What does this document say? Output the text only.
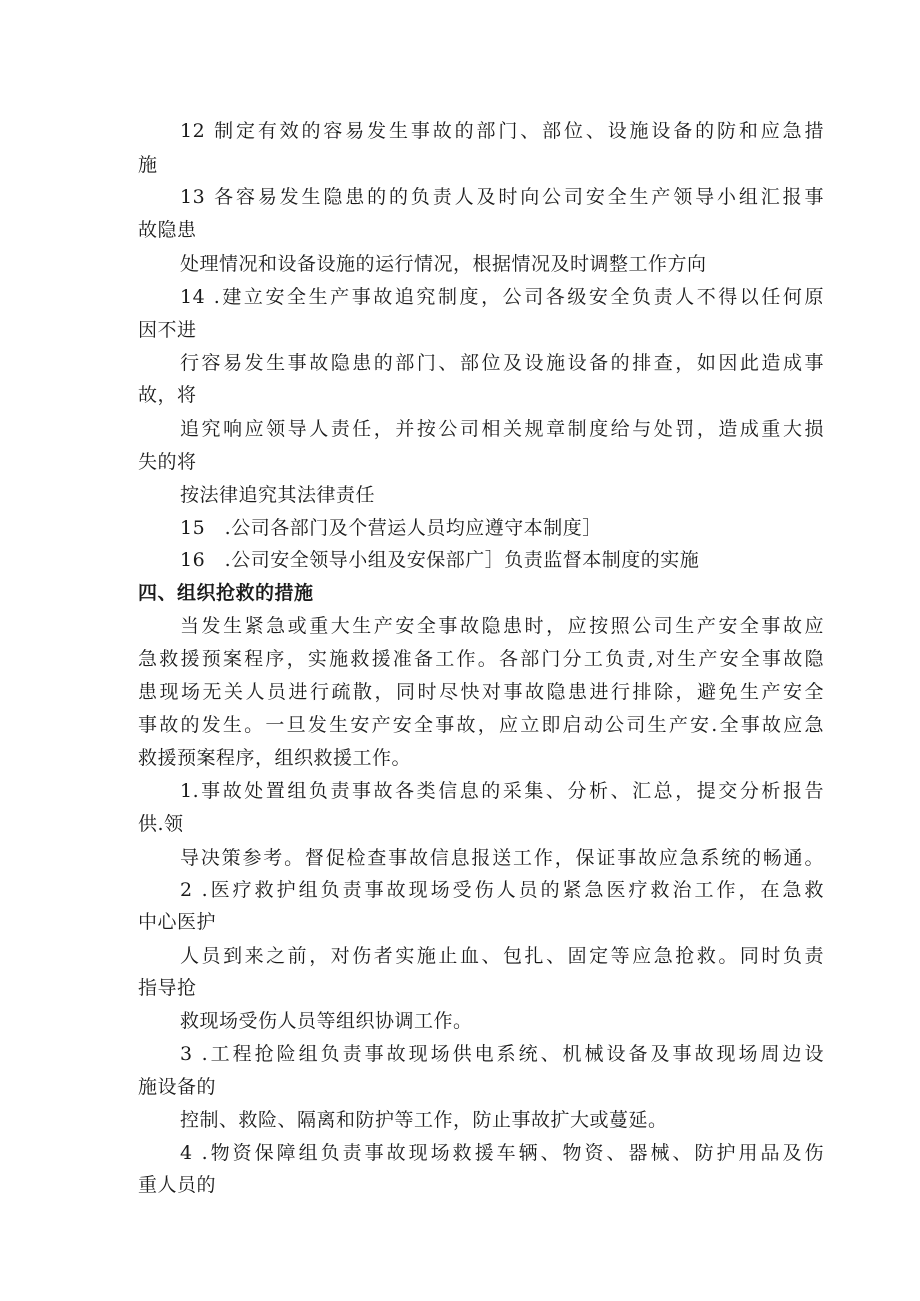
12 制定有效的容易发生事故的部门、部位、设施设备的防和应急措
施
13 各容易发生隐患的的负责人及时向公司安全生产领导小组汇报事
故隐患
处理情况和设备设施的运行情况，根据情况及时调整工作方向
14 .建立安全生产事故追究制度，公司各级安全负责人不得以任何原
因不进
行容易发生事故隐患的部门、部位及设施设备的排查，如因此造成事
故，将
追究响应领导人责任，并按公司相关规章制度给与处罚，造成重大损
失的将
按法律追究其法律责任
15　.公司各部门及个营运人员均应遵守本制度］
16　.公司安全领导小组及安保部广］负责监督本制度的实施
四、组织抢救的措施
当发生紧急或重大生产安全事故隐患时，应按照公司生产安全事故应
急救援预案程序，实施救援准备工作。各部门分工负责,对生产安全事故隐
患现场无关人员进行疏散，同时尽快对事故隐患进行排除，避免生产安全
事故的发生。一旦发生安产安全事故，应立即启动公司生产安.全事故应急
救援预案程序，组织救援工作。
1.事故处置组负责事故各类信息的采集、分析、汇总，提交分析报告
供.领
导决策参考。督促检查事故信息报送工作，保证事故应急系统的畅通。
2 .医疗救护组负责事故现场受伤人员的紧急医疗救治工作，在急救
中心医护
人员到来之前，对伤者实施止血、包扎、固定等应急抢救。同时负责
指导抢
救现场受伤人员等组织协调工作。
3 .工程抢险组负责事故现场供电系统、机械设备及事故现场周边设
施设备的
控制、救险、隔离和防护等工作，防止事故扩大或蔓延。
4 .物资保障组负责事故现场救援车辆、物资、器械、防护用品及伤
重人员的
